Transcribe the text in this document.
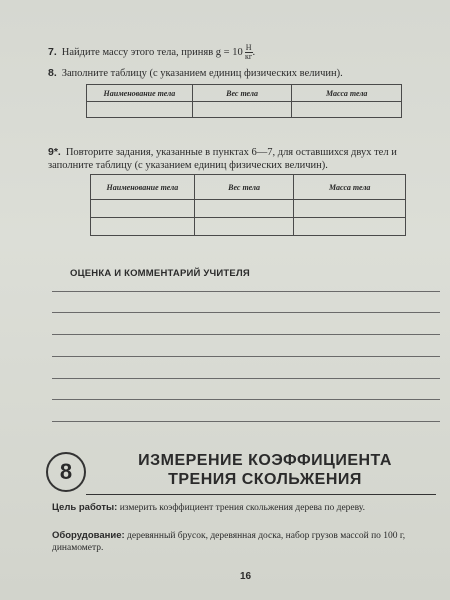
7. Найдите массу этого тела, приняв $g = 10 \frac{Н}{кг}$ .
8. Заполните таблицу (с указанием единиц физических величин).
Наименование тела	Вес тела	Масса тела

9*. Повторите задания, указанные в пунктах 6—7, для оставшихся двух тел и заполните таблицу (с указанием единиц физических величин).
Наименование тела	Вес тела	Масса тела

ОЦЕНКА И КОММЕНТАРИЙ УЧИТЕЛЯ
8	ИЗМЕРЕНИЕ КОЭФФИЦИЕНТА
ТРЕНИЯ СКОЛЬЖЕНИЯ
Цель работы: измерить коэффициент трения скольжения дерева по дереву.
Оборудование: деревянный брусок, деревянная доска, набор грузов массой по 100 г, динамометр.
16
